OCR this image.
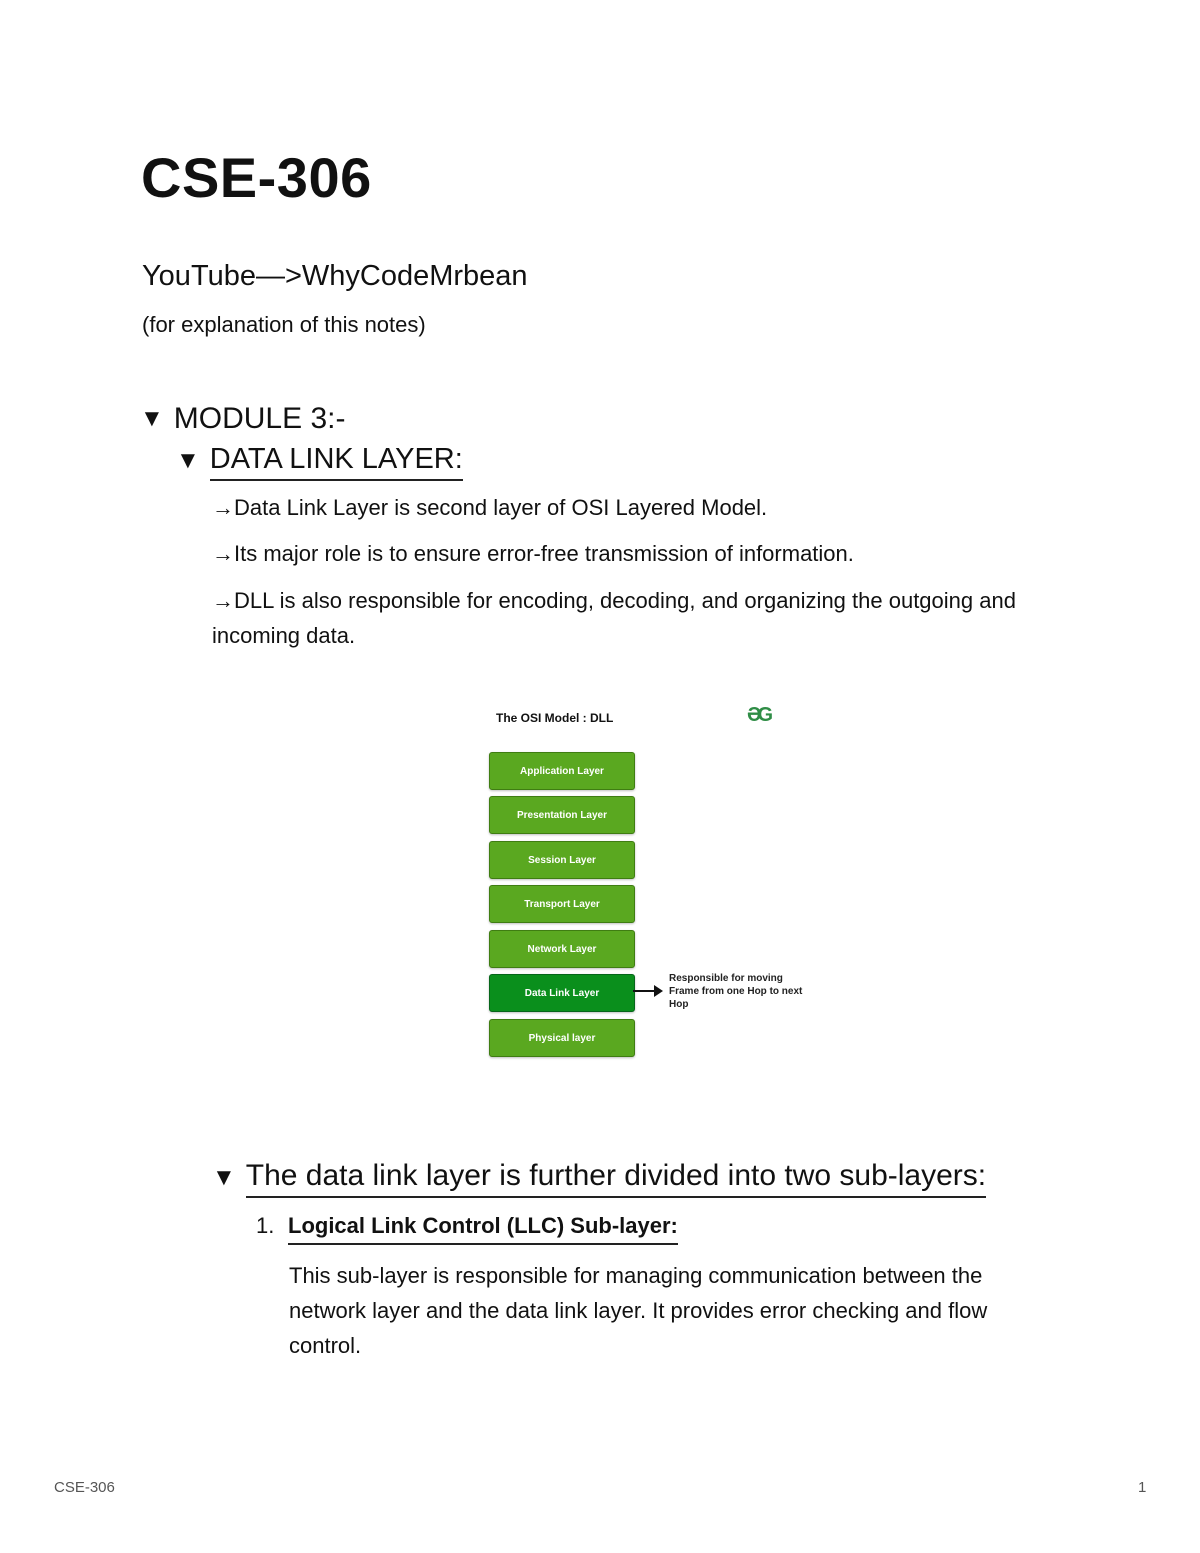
CSE-306
YouTube—>WhyCodeMrbean
(for explanation of this notes)
▼ MODULE 3:-
▼ DATA LINK LAYER:

→Data Link Layer is second layer of OSI Layered Model.

→Its major role is to ensure error-free transmission of information.

→DLL is also responsible for encoding, decoding, and organizing the outgoing and incoming data.

The OSI Model : DLL	ƏG
Application Layer
Presentation Layer
Session Layer
Transport Layer
Network Layer
Data Link Layer
Physical layer
Responsible for moving Frame from one Hop to next Hop
▼ The data link layer is further divided into two sub-layers:
1. Logical Link Control (LLC) Sub-layer:

This sub-layer is responsible for managing communication between the network layer and the data link layer. It provides error checking and flow control.

CSE-306	1
